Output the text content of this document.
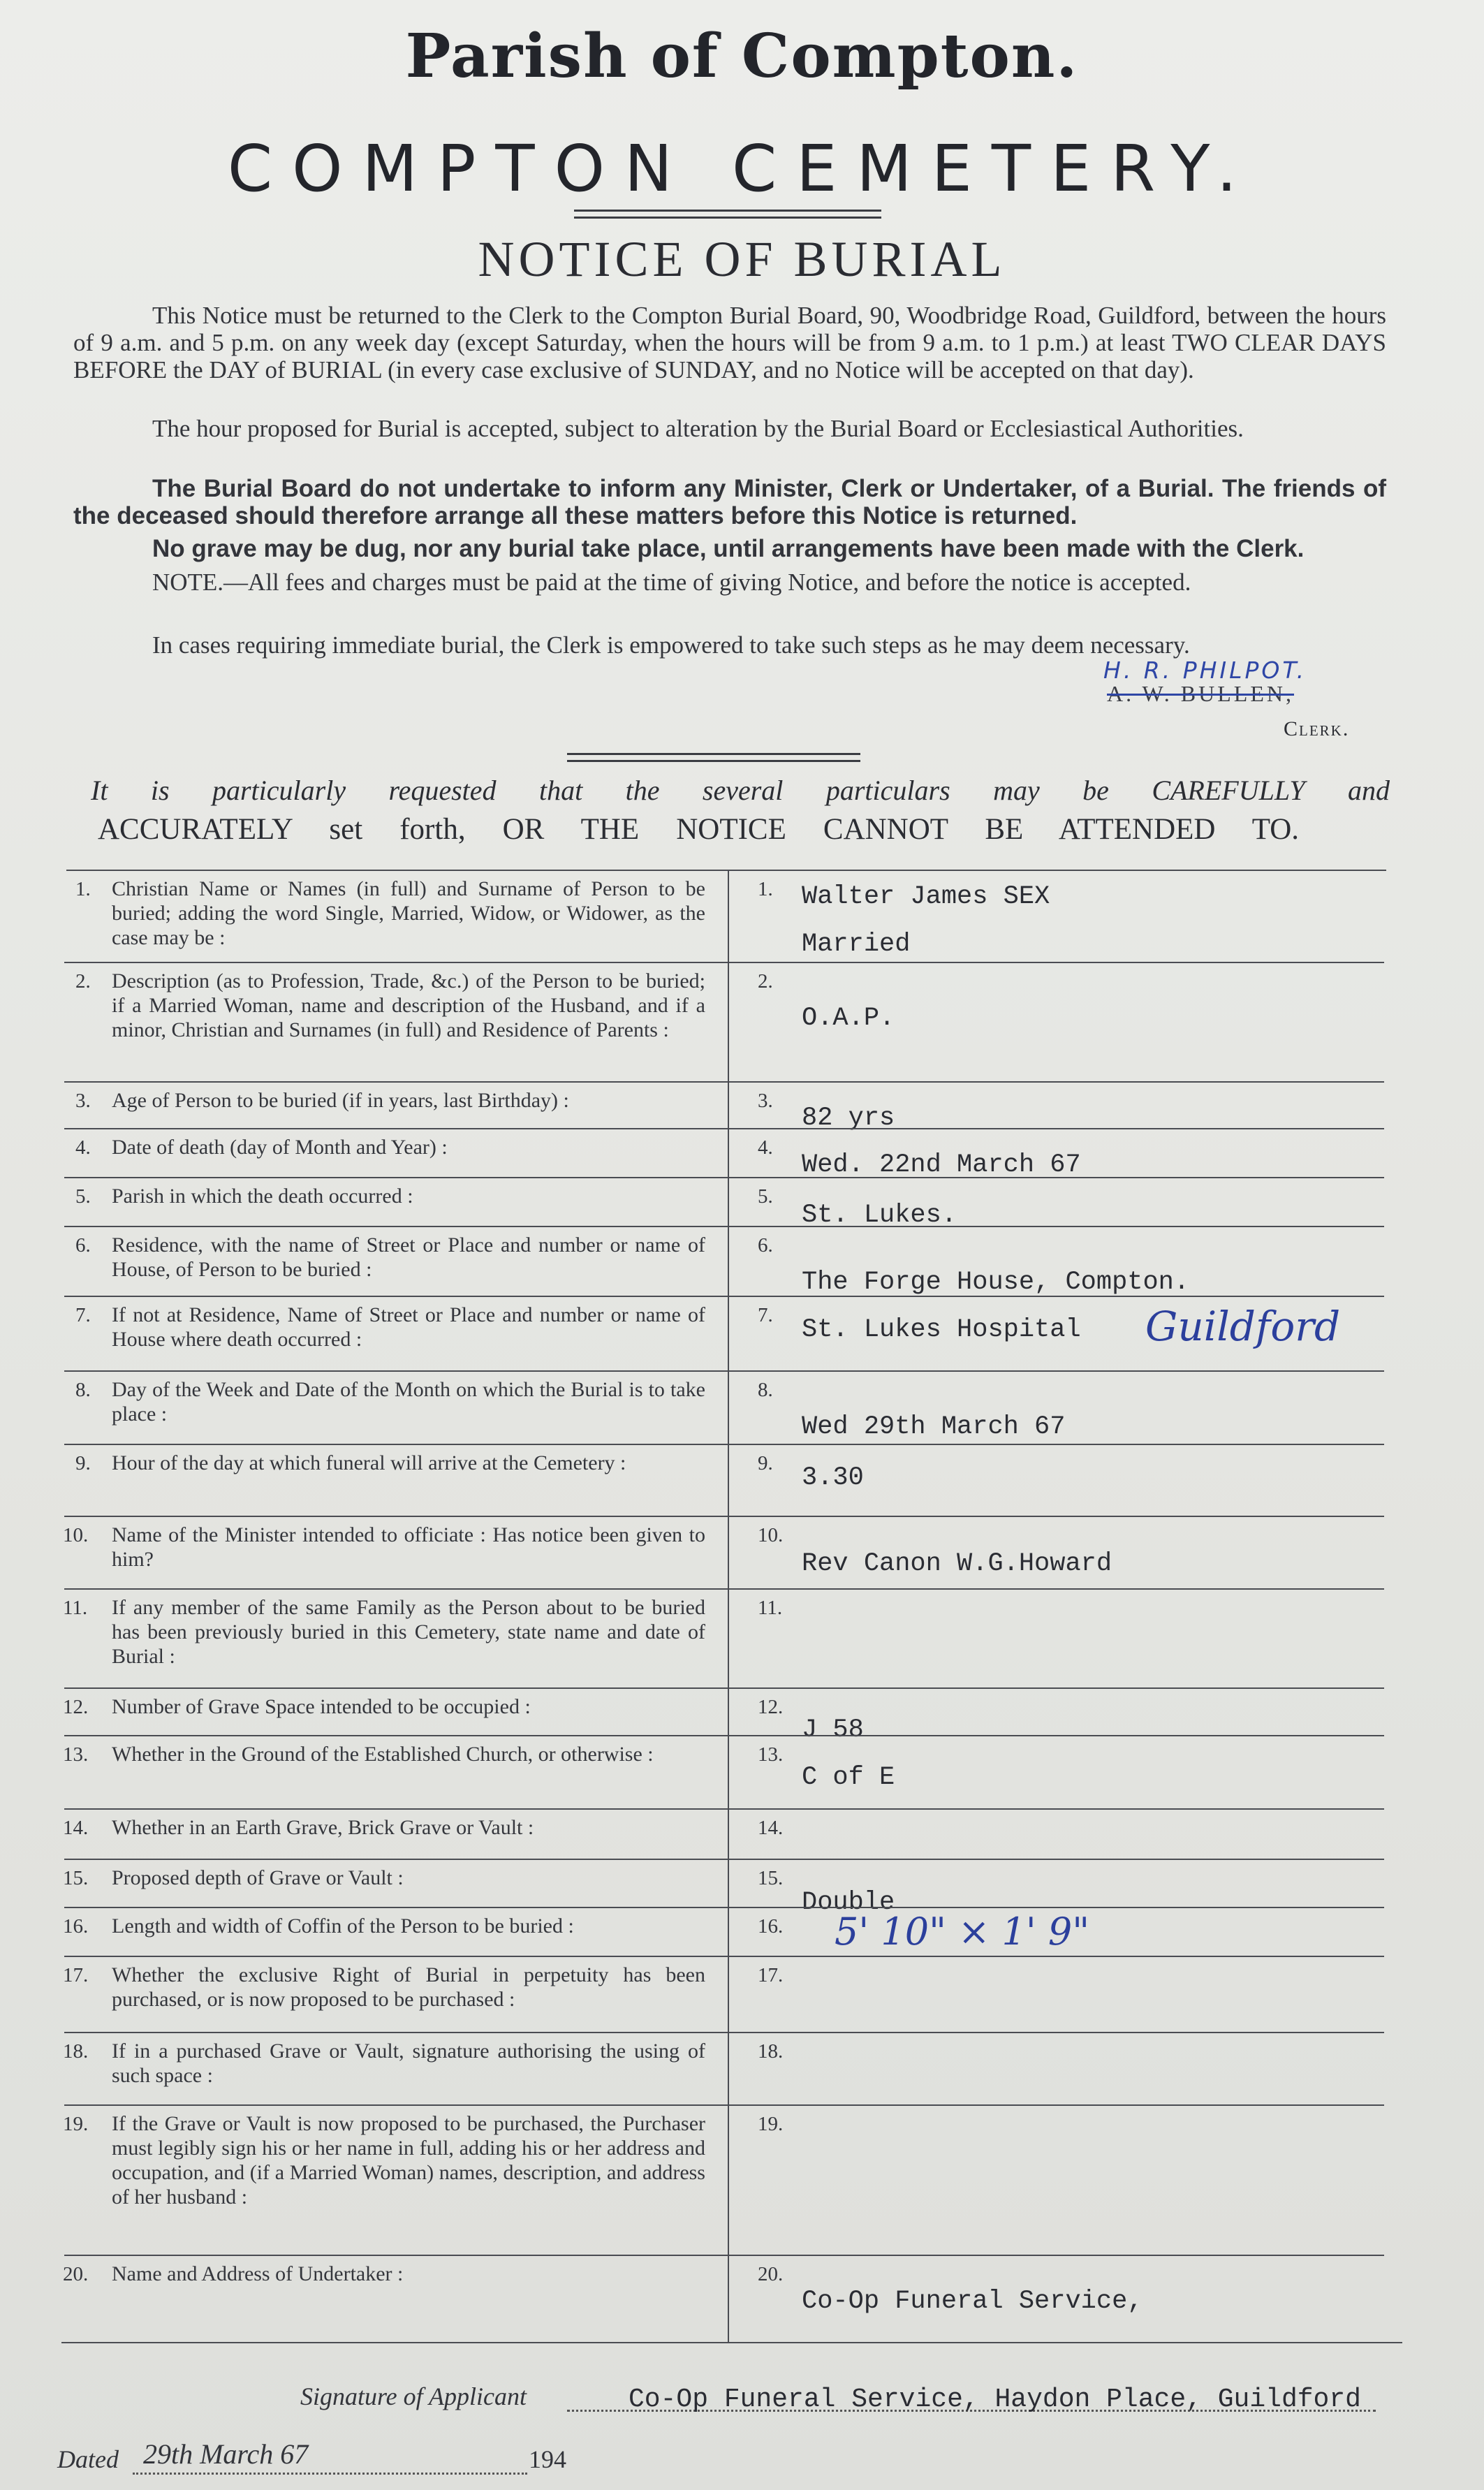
Parish of Compton.
COMPTON CEMETERY.
NOTICE OF BURIAL
This Notice must be returned to the Clerk to the Compton Burial Board, 90, Woodbridge Road, Guildford, between the hours of 9 a.m. and 5 p.m. on any week day (except Saturday, when the hours will be from 9 a.m. to 1 p.m.) at least TWO CLEAR DAYS BEFORE the DAY of BURIAL (in every case exclusive of SUNDAY, and no Notice will be accepted on that day).
The hour proposed for Burial is accepted, subject to alteration by the Burial Board or Ecclesiastical Authorities.
The Burial Board do not undertake to inform any Minister, Clerk or Undertaker, of a Burial. The friends of the deceased should therefore arrange all these matters before this Notice is returned.
No grave may be dug, nor any burial take place, until arrangements have been made with the Clerk.
NOTE.—All fees and charges must be paid at the time of giving Notice, and before the notice is accepted.
In cases requiring immediate burial, the Clerk is empowered to take such steps as he may deem necessary.
H. R. PHILPOT.
A. W. BULLEN,
Clerk.
It is particularly requested that the several particulars may be CAREFULLY and
ACCURATELY set forth, OR THE NOTICE CANNOT BE ATTENDED TO.
1. Christian Name or Names (in full) and Surname of Person to be buried; adding the word Single, Married, Widow, or Widower, as the case may be :
1. Walter James SEX
Married
2. Description (as to Profession, Trade, &c.) of the Person to be buried; if a Married Woman, name and description of the Husband, and if a minor, Christian and Surnames (in full) and Residence of Parents :
2.
O.A.P.
3. Age of Person to be buried (if in years, last Birthday) :	3.
82 yrs
4. Date of death (day of Month and Year) :	4.
Wed. 22nd March 67
5. Parish in which the death occurred :	5.
St. Lukes.
6. Residence, with the name of Street or Place and number or name of House, of Person to be buried :
6.
The Forge House, Compton.
7. If not at Residence, Name of Street or Place and number or name of House where death occurred :
7. St. Lukes Hospital Guildford
8. Day of the Week and Date of the Month on which the Burial is to take place :
8.
Wed 29th March 67
9. Hour of the day at which funeral will arrive at the Cemetery :	9. 3.30
10. Name of the Minister intended to officiate : Has notice been given to him?
10.
Rev Canon W.G.Howard
11. If any member of the same Family as the Person about to be buried has been previously buried in this Cemetery, state name and date of Burial :
11.
12. Number of Grave Space intended to be occupied :	12.
J 58
13. Whether in the Ground of the Established Church, or otherwise :	13.
C of E
14. Whether in an Earth Grave, Brick Grave or Vault :	14.
15. Proposed depth of Grave or Vault :	15.
Double
16. Length and width of Coffin of the Person to be buried :	16. 5' 10" × 1' 9"
17. Whether the exclusive Right of Burial in perpetuity has been purchased, or is now proposed to be purchased :
17.
18. If in a purchased Grave or Vault, signature authorising the using of such space :
18.
19. If the Grave or Vault is now proposed to be purchased, the Purchaser must legibly sign his or her name in full, adding his or her address and occupation, and (if a Married Woman) names, description, and address of her husband :
19.
20. Name and Address of Undertaker :	20.
Co-Op Funeral Service,
Signature of Applicant	Co-Op Funeral Service, Haydon Place, Guildford
Dated 29th March 67	194
